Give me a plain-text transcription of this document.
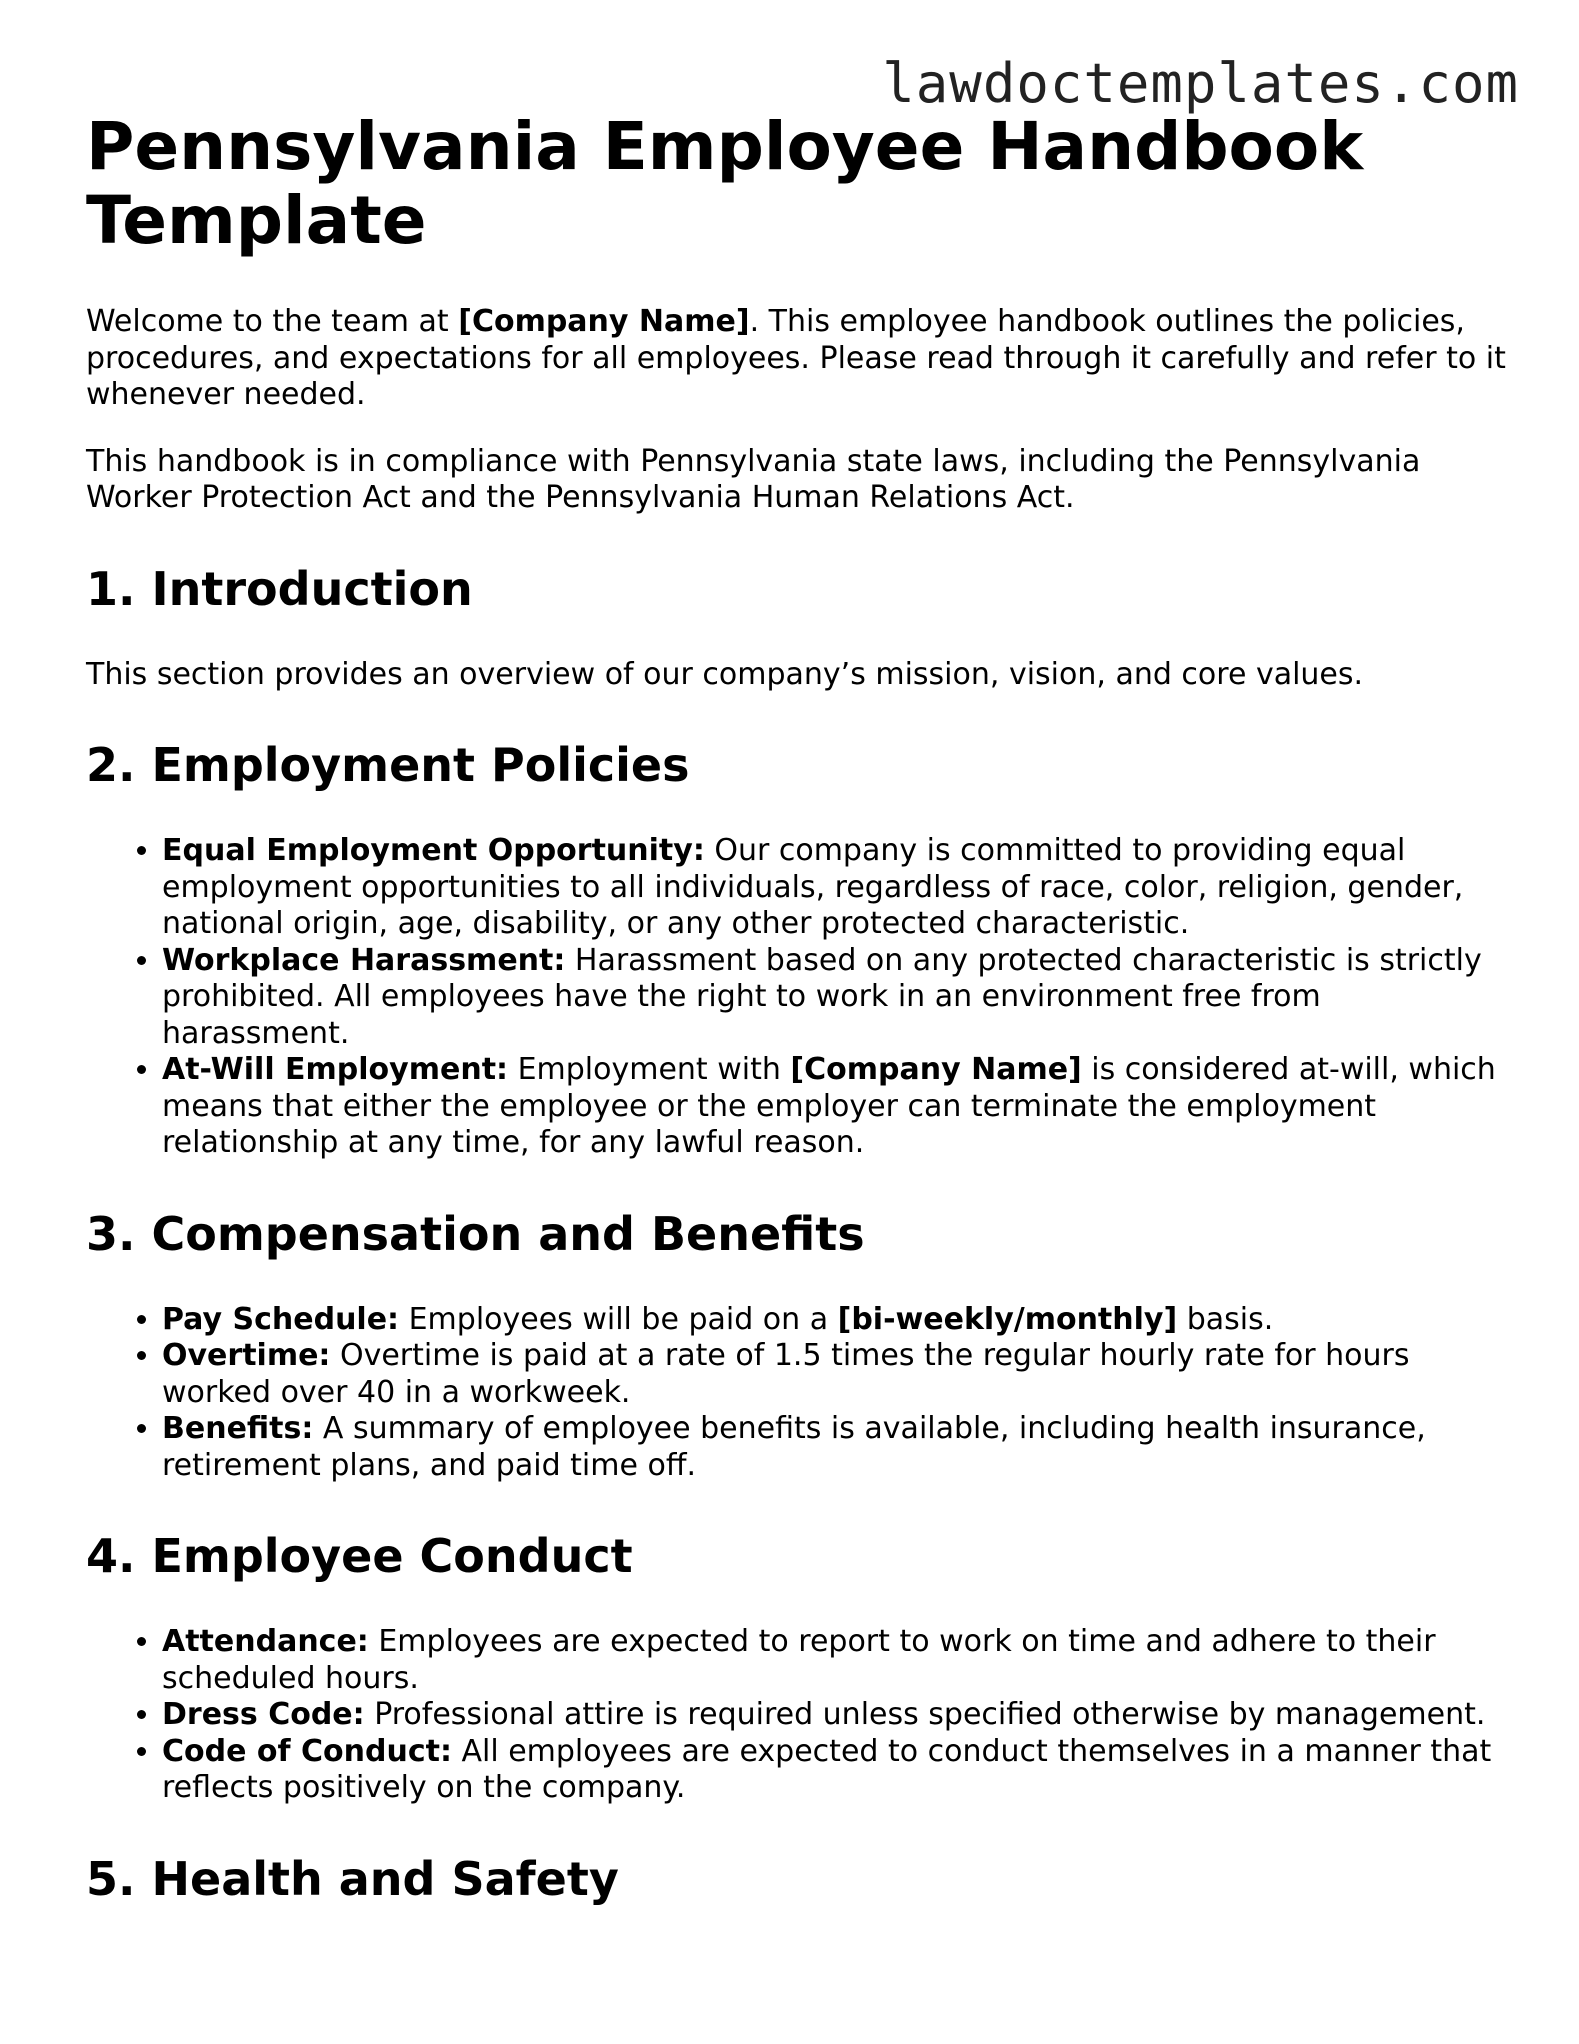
lawdoctemplates.com
Pennsylvania Employee Handbook Template

Welcome to the team at [Company Name]. This employee handbook outlines the policies, procedures, and expectations for all employees. Please read through it carefully and refer to it whenever needed.

This handbook is in compliance with Pennsylvania state laws, including the Pennsylvania Worker Protection Act and the Pennsylvania Human Relations Act.

1. Introduction

This section provides an overview of our company’s mission, vision, and core values.

2. Employment Policies
• Equal Employment Opportunity: Our company is committed to providing equal employment opportunities to all individuals, regardless of race, color, religion, gender, national origin, age, disability, or any other protected characteristic.
• Workplace Harassment: Harassment based on any protected characteristic is strictly prohibited. All employees have the right to work in an environment free from harassment.
• At-Will Employment: Employment with [Company Name] is considered at-will, which means that either the employee or the employer can terminate the employment relationship at any time, for any lawful reason.
3. Compensation and Benefits
• Pay Schedule: Employees will be paid on a [bi-weekly/monthly] basis.
• Overtime: Overtime is paid at a rate of 1.5 times the regular hourly rate for hours worked over 40 in a workweek.
• Benefits: A summary of employee benefits is available, including health insurance, retirement plans, and paid time off.
4. Employee Conduct
• Attendance: Employees are expected to report to work on time and adhere to their scheduled hours.
• Dress Code: Professional attire is required unless specified otherwise by management.
• Code of Conduct: All employees are expected to conduct themselves in a manner that reflects positively on the company.
5. Health and Safety
